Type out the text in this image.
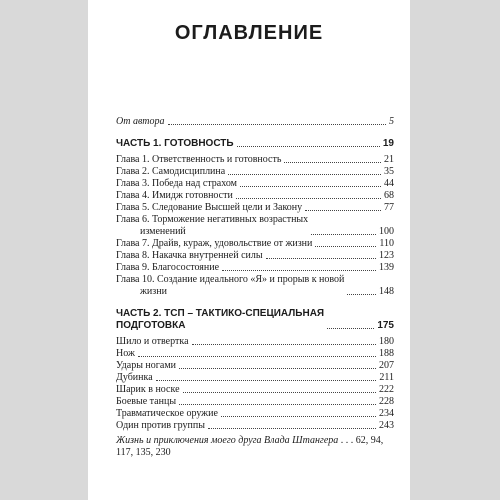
ОГЛАВЛЕНИЕ
От автора	5
ЧАСТЬ 1. ГОТОВНОСТЬ	19
Глава 1. Ответственность и готовность	21
Глава 2. Самодисциплина	35
Глава 3. Победа над страхом	44
Глава 4. Имидж готовности	68
Глава 5. Следование Высшей цели и Закону	77
Глава 6. Торможение негативных возрастных
изменений	100
Глава 7. Драйв, кураж, удовольствие от жизни	110
Глава 8. Накачка внутренней силы	123
Глава 9. Благосостояние	139
Глава 10. Создание идеального «Я» и прорыв к новой
жизни	148
ЧАСТЬ 2. ТСП – ТАКТИКО-СПЕЦИАЛЬНАЯ
ПОДГОТОВКА	175
Шило и отвертка	180
Нож	188
Удары ногами	207
Дубинка	211
Шарик в носке	222
Боевые танцы	228
Травматическое оружие	234
Один против группы	243
Жизнь и приключения моего друга Влада Штангера . . . 62, 94,
117, 135, 230
